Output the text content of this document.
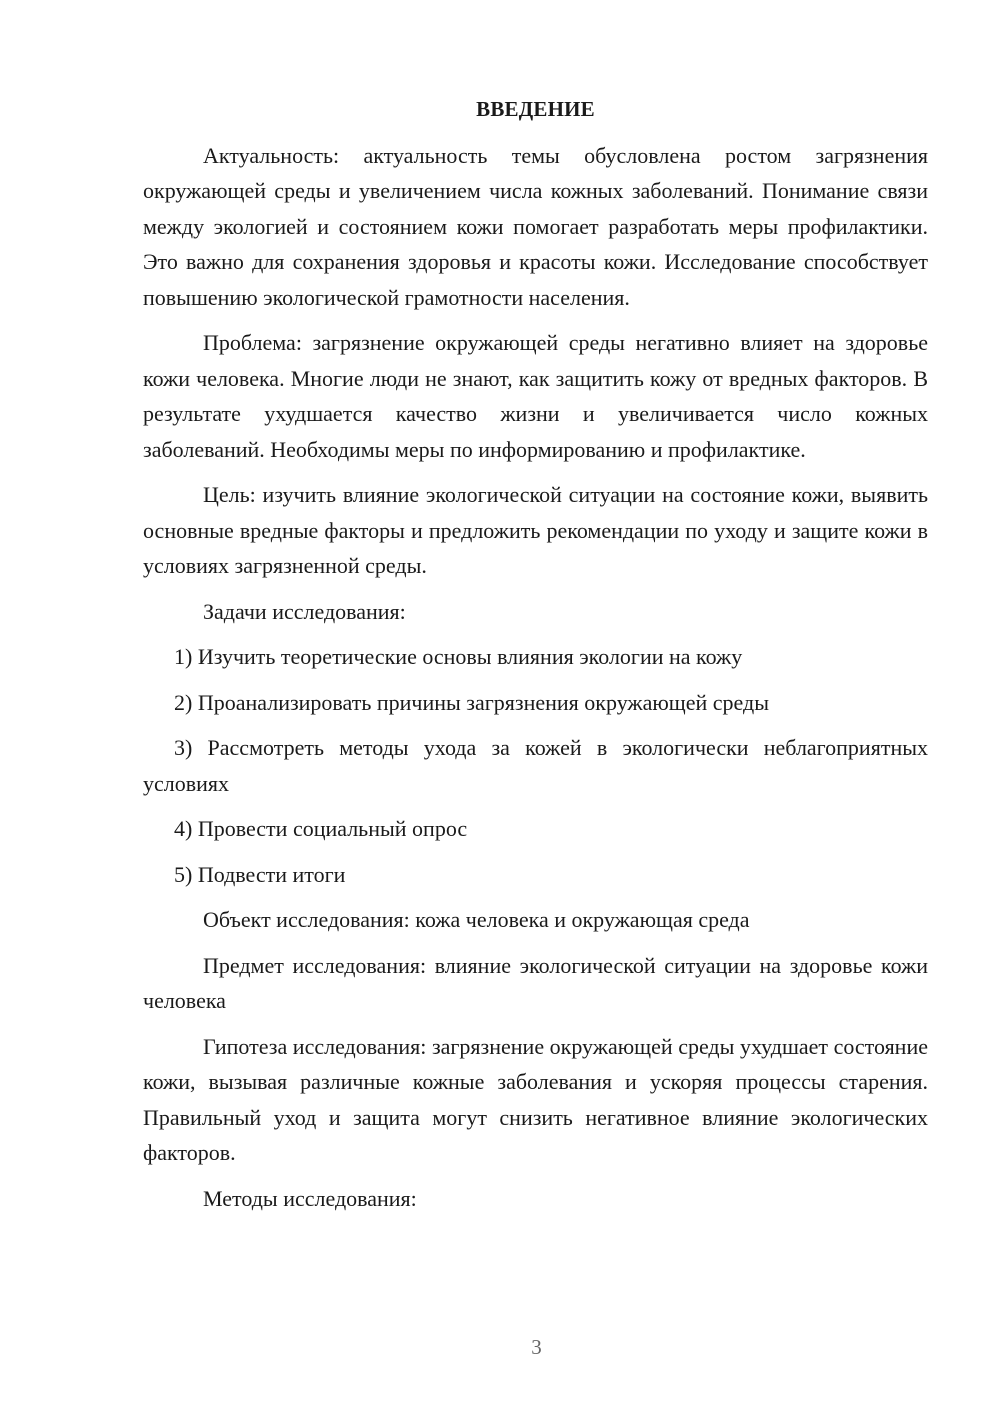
ВВЕДЕНИЕ

Актуальность: актуальность темы обусловлена ростом загрязнения окружающей среды и увеличением числа кожных заболеваний. Понимание связи между экологией и состоянием кожи помогает разработать меры профилактики. Это важно для сохранения здоровья и красоты кожи. Исследование способствует повышению экологической грамотности населения.

Проблема: загрязнение окружающей среды негативно влияет на здоровье кожи человека. Многие люди не знают, как защитить кожу от вредных факторов. В результате ухудшается качество жизни и увеличивается число кожных заболеваний. Необходимы меры по информированию и профилактике.

Цель: изучить влияние экологической ситуации на состояние кожи, выявить основные вредные факторы и предложить рекомендации по уходу и защите кожи в условиях загрязненной среды.

Задачи исследования:

1) Изучить теоретические основы влияния экологии на кожу

2) Проанализировать причины загрязнения окружающей среды

3) Рассмотреть методы ухода за кожей в экологически неблагоприятных условиях

4) Провести социальный опрос

5) Подвести итоги

Объект исследования: кожа человека и окружающая среда

Предмет исследования: влияние экологической ситуации на здоровье кожи человека

Гипотеза исследования: загрязнение окружающей среды ухудшает состояние кожи, вызывая различные кожные заболевания и ускоряя процессы старения. Правильный уход и защита могут снизить негативное влияние экологических факторов.

Методы исследования:

3
